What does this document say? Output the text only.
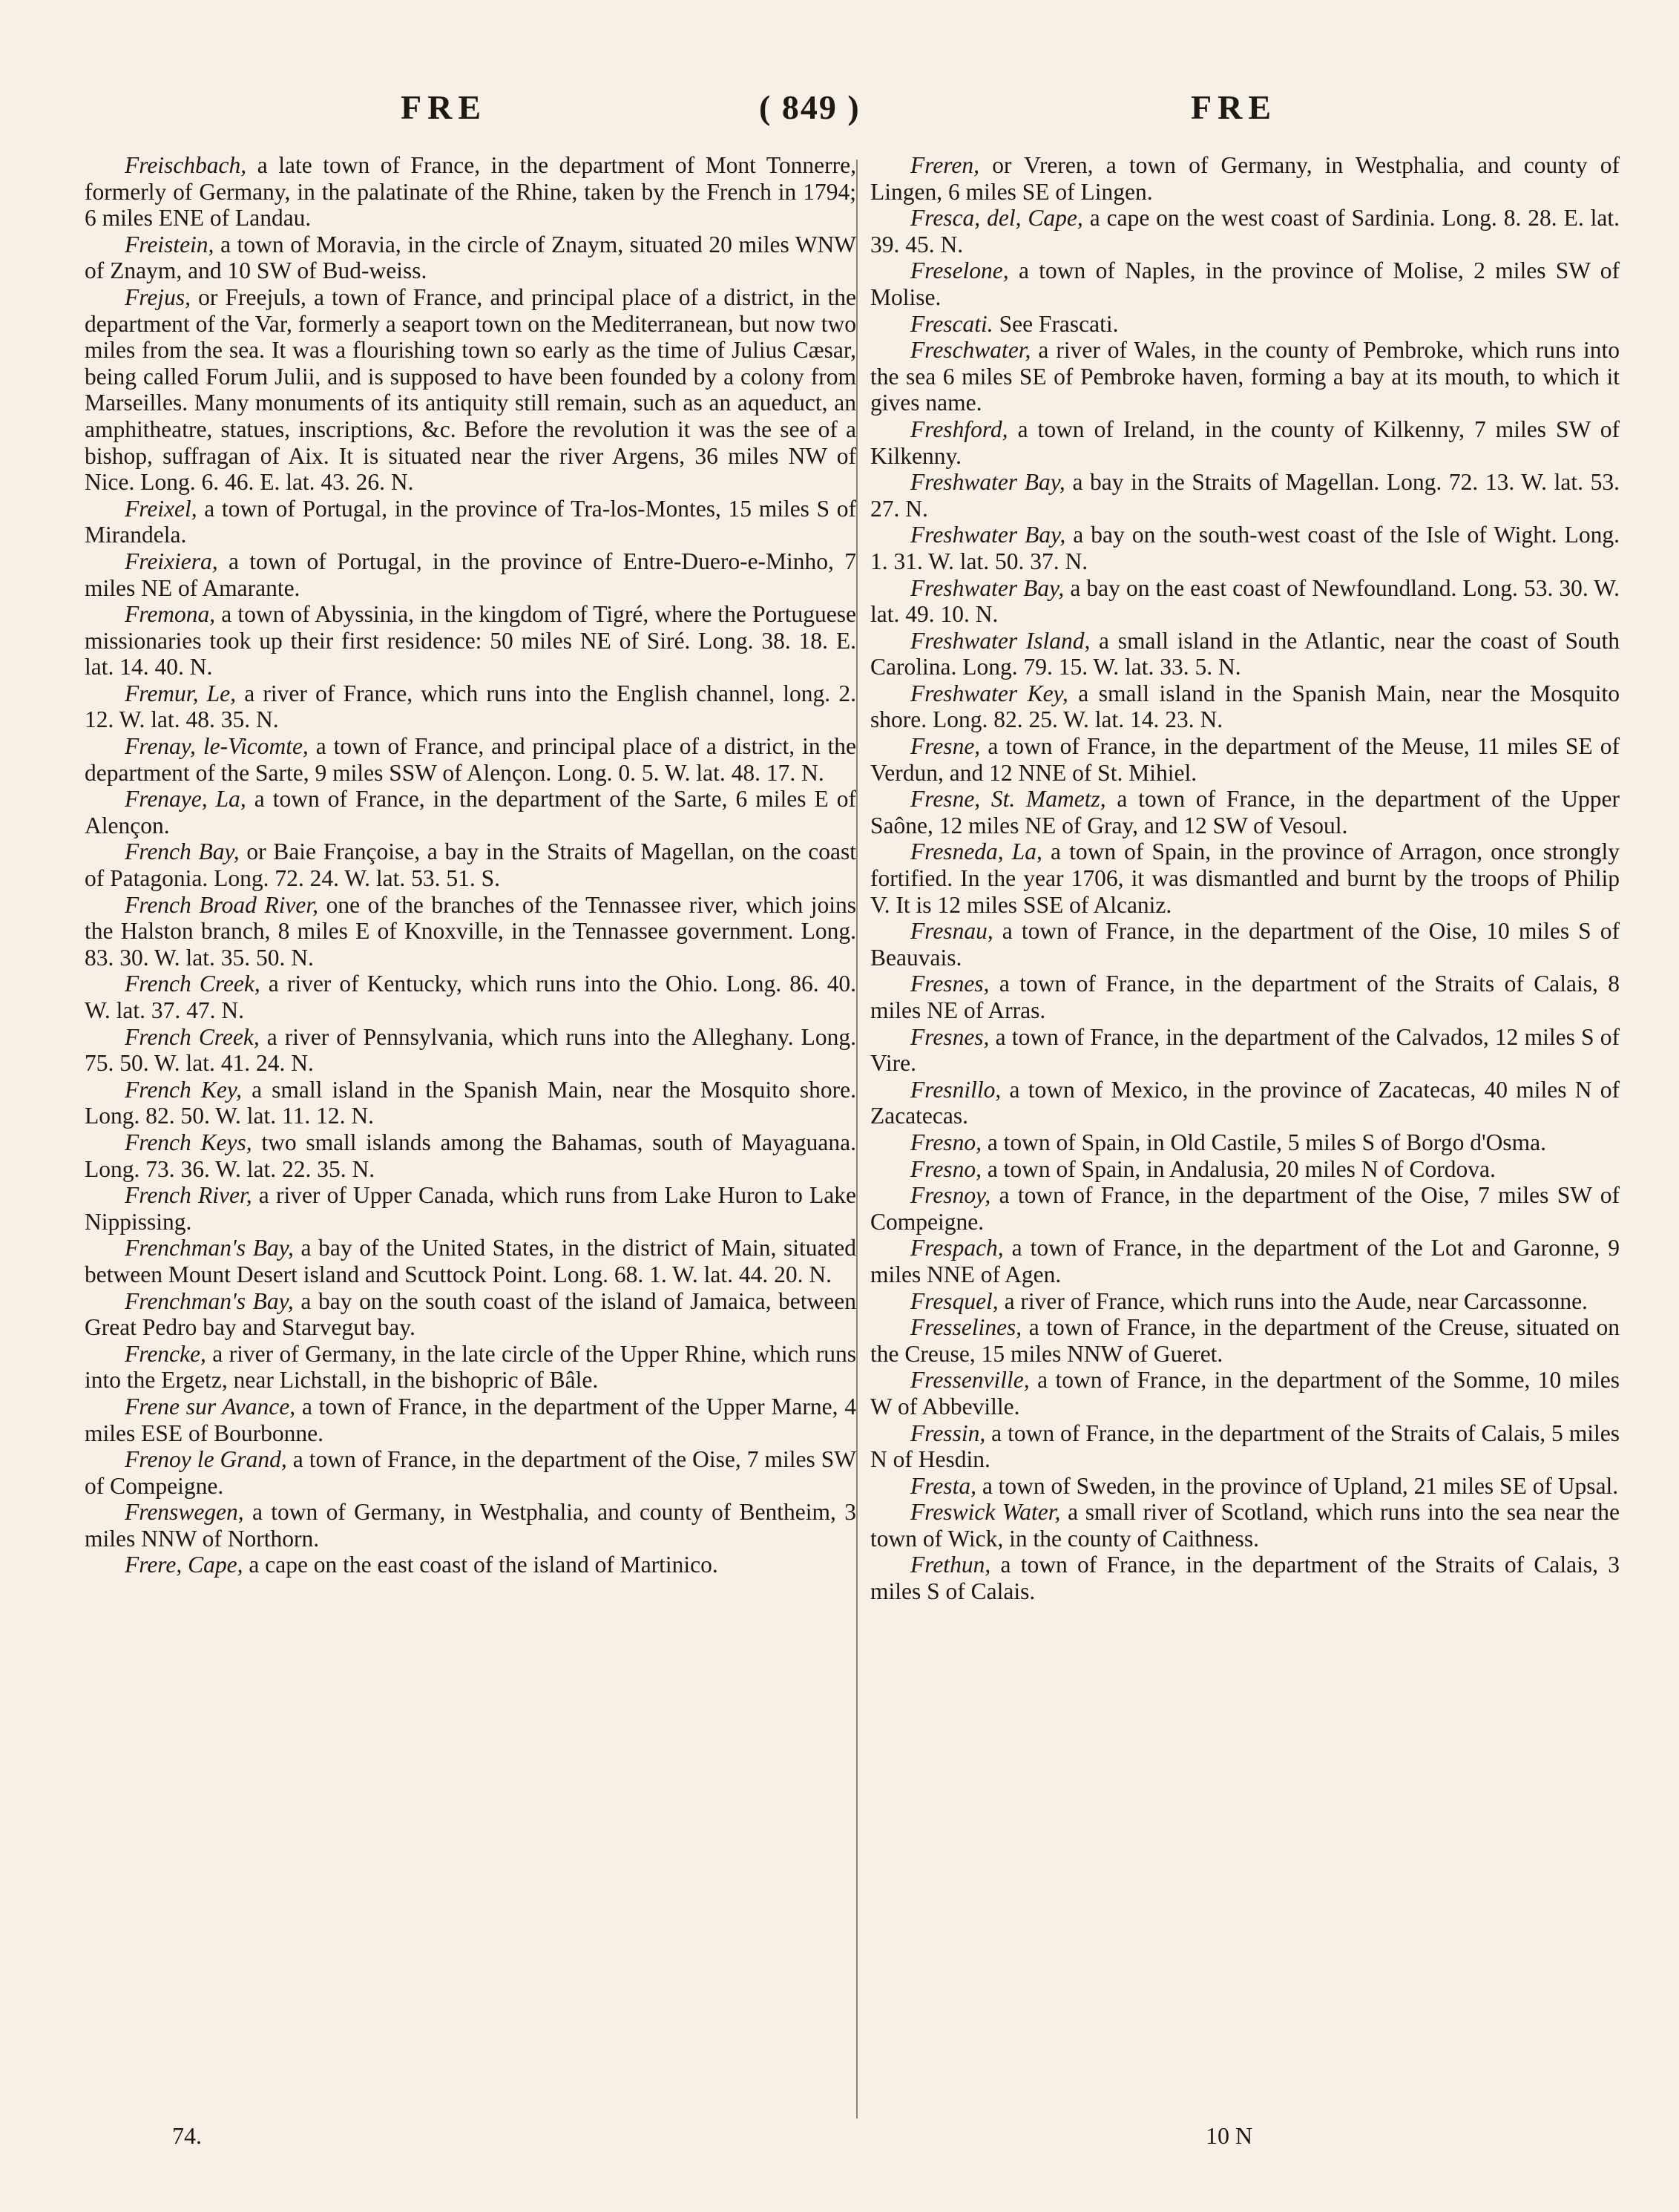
FRE	( 849 )	FRE

Freischbach, a late town of France, in the department of Mont Tonnerre, formerly of Germany, in the palatinate of the Rhine, taken by the French in 1794; 6 miles ENE of Landau.

Freistein, a town of Moravia, in the circle of Znaym, situated 20 miles WNW of Znaym, and 10 SW of Bud-weiss.

Frejus, or Freejuls, a town of France, and principal place of a district, in the department of the Var, formerly a seaport town on the Mediterranean, but now two miles from the sea. It was a flourishing town so early as the time of Julius Cæsar, being called Forum Julii, and is supposed to have been founded by a colony from Marseilles. Many monuments of its antiquity still remain, such as an aqueduct, an amphitheatre, statues, inscriptions, &c. Before the revolution it was the see of a bishop, suffragan of Aix. It is situated near the river Argens, 36 miles NW of Nice. Long. 6. 46. E. lat. 43. 26. N.

Freixel, a town of Portugal, in the province of Tra-los-Montes, 15 miles S of Mirandela.

Freixiera, a town of Portugal, in the province of Entre-Duero-e-Minho, 7 miles NE of Amarante.

Fremona, a town of Abyssinia, in the kingdom of Tigré, where the Portuguese missionaries took up their first residence: 50 miles NE of Siré. Long. 38. 18. E. lat. 14. 40. N.

Fremur, Le, a river of France, which runs into the English channel, long. 2. 12. W. lat. 48. 35. N.

Frenay, le-Vicomte, a town of France, and principal place of a district, in the department of the Sarte, 9 miles SSW of Alençon. Long. 0. 5. W. lat. 48. 17. N.

Frenaye, La, a town of France, in the department of the Sarte, 6 miles E of Alençon.

French Bay, or Baie Françoise, a bay in the Straits of Magellan, on the coast of Patagonia. Long. 72. 24. W. lat. 53. 51. S.

French Broad River, one of the branches of the Tennassee river, which joins the Halston branch, 8 miles E of Knoxville, in the Tennassee government. Long. 83. 30. W. lat. 35. 50. N.

French Creek, a river of Kentucky, which runs into the Ohio. Long. 86. 40. W. lat. 37. 47. N.

French Creek, a river of Pennsylvania, which runs into the Alleghany. Long. 75. 50. W. lat. 41. 24. N.

French Key, a small island in the Spanish Main, near the Mosquito shore. Long. 82. 50. W. lat. 11. 12. N.

French Keys, two small islands among the Bahamas, south of Mayaguana. Long. 73. 36. W. lat. 22. 35. N.

French River, a river of Upper Canada, which runs from Lake Huron to Lake Nippissing.

Frenchman's Bay, a bay of the United States, in the district of Main, situated between Mount Desert island and Scuttock Point. Long. 68. 1. W. lat. 44. 20. N.

Frenchman's Bay, a bay on the south coast of the island of Jamaica, between Great Pedro bay and Starvegut bay.

Frencke, a river of Germany, in the late circle of the Upper Rhine, which runs into the Ergetz, near Lichstall, in the bishopric of Bâle.

Frene sur Avance, a town of France, in the department of the Upper Marne, 4 miles ESE of Bourbonne.

Frenoy le Grand, a town of France, in the department of the Oise, 7 miles SW of Compeigne.

Frenswegen, a town of Germany, in Westphalia, and county of Bentheim, 3 miles NNW of Northorn.

Frere, Cape, a cape on the east coast of the island of Martinico.

Freren, or Vreren, a town of Germany, in Westphalia, and county of Lingen, 6 miles SE of Lingen.

Fresca, del, Cape, a cape on the west coast of Sardinia. Long. 8. 28. E. lat. 39. 45. N.

Freselone, a town of Naples, in the province of Molise, 2 miles SW of Molise.

Frescati. See Frascati.

Freschwater, a river of Wales, in the county of Pembroke, which runs into the sea 6 miles SE of Pembroke haven, forming a bay at its mouth, to which it gives name.

Freshford, a town of Ireland, in the county of Kilkenny, 7 miles SW of Kilkenny.

Freshwater Bay, a bay in the Straits of Magellan. Long. 72. 13. W. lat. 53. 27. N.

Freshwater Bay, a bay on the south-west coast of the Isle of Wight. Long. 1. 31. W. lat. 50. 37. N.

Freshwater Bay, a bay on the east coast of Newfoundland. Long. 53. 30. W. lat. 49. 10. N.

Freshwater Island, a small island in the Atlantic, near the coast of South Carolina. Long. 79. 15. W. lat. 33. 5. N.

Freshwater Key, a small island in the Spanish Main, near the Mosquito shore. Long. 82. 25. W. lat. 14. 23. N.

Fresne, a town of France, in the department of the Meuse, 11 miles SE of Verdun, and 12 NNE of St. Mihiel.

Fresne, St. Mametz, a town of France, in the department of the Upper Saône, 12 miles NE of Gray, and 12 SW of Vesoul.

Fresneda, La, a town of Spain, in the province of Arragon, once strongly fortified. In the year 1706, it was dismantled and burnt by the troops of Philip V. It is 12 miles SSE of Alcaniz.

Fresnau, a town of France, in the department of the Oise, 10 miles S of Beauvais.

Fresnes, a town of France, in the department of the Straits of Calais, 8 miles NE of Arras.

Fresnes, a town of France, in the department of the Calvados, 12 miles S of Vire.

Fresnillo, a town of Mexico, in the province of Zacatecas, 40 miles N of Zacatecas.

Fresno, a town of Spain, in Old Castile, 5 miles S of Borgo d'Osma.

Fresno, a town of Spain, in Andalusia, 20 miles N of Cordova.

Fresnoy, a town of France, in the department of the Oise, 7 miles SW of Compeigne.

Frespach, a town of France, in the department of the Lot and Garonne, 9 miles NNE of Agen.

Fresquel, a river of France, which runs into the Aude, near Carcassonne.

Fresselines, a town of France, in the department of the Creuse, situated on the Creuse, 15 miles NNW of Gueret.

Fressenville, a town of France, in the department of the Somme, 10 miles W of Abbeville.

Fressin, a town of France, in the department of the Straits of Calais, 5 miles N of Hesdin.

Fresta, a town of Sweden, in the province of Upland, 21 miles SE of Upsal.

Freswick Water, a small river of Scotland, which runs into the sea near the town of Wick, in the county of Caithness.

Frethun, a town of France, in the department of the Straits of Calais, 3 miles S of Calais.

74.	10 N
